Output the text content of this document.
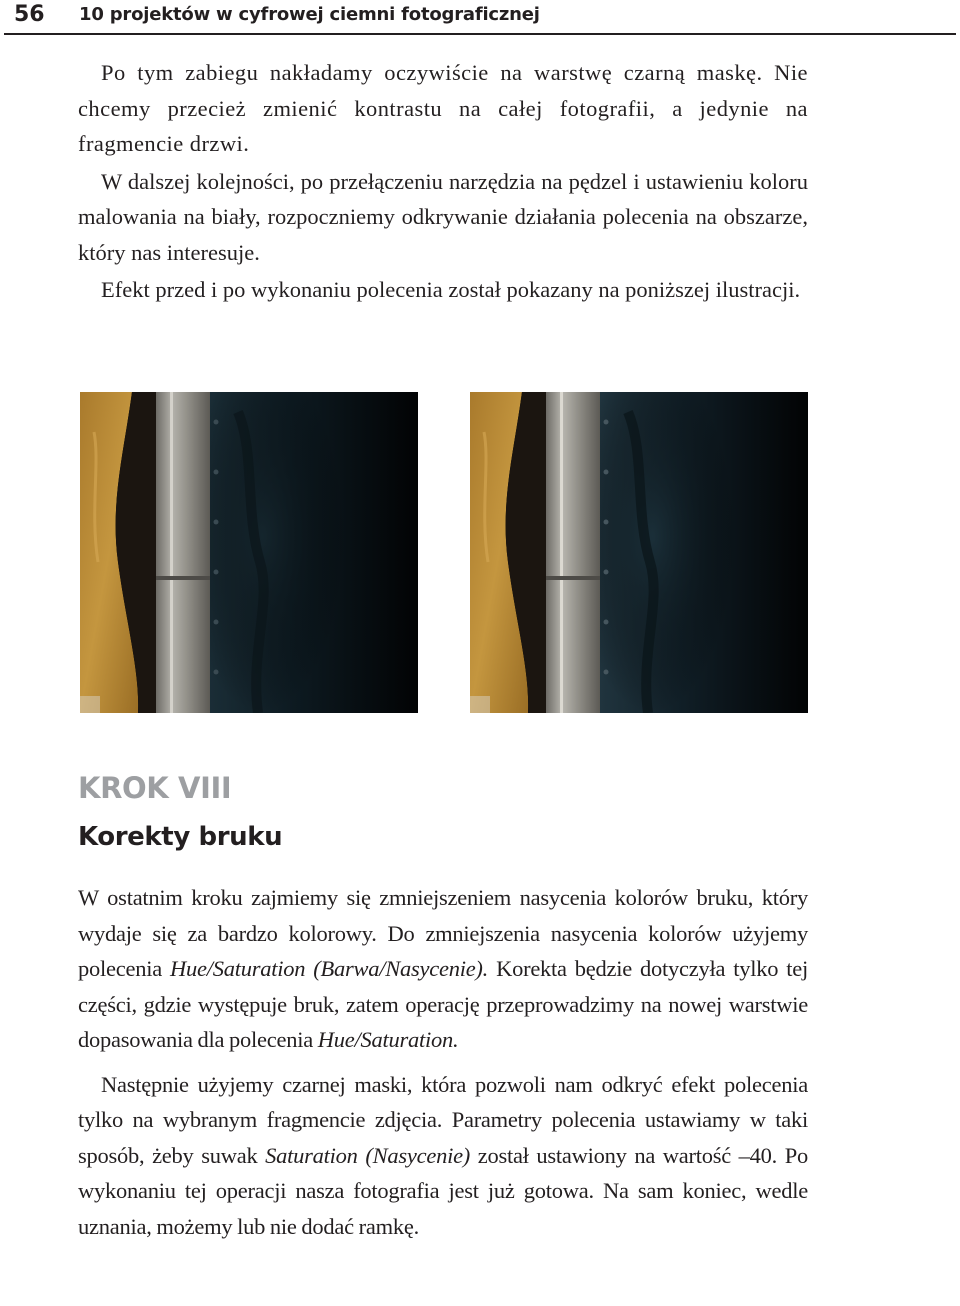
56 10 projektów w cyfrowej ciemni fotograficznej

Po tym zabiegu nakładamy oczywiście na warstwę czarną maskę. Nie chcemy przecież zmienić kontrastu na całej fotografii, a jedynie na fragmencie drzwi.

W dalszej kolejności, po przełączeniu narzędzia na pędzel i ustawieniu koloru malowania na biały, rozpoczniemy odkrywanie działania polecenia na obszarze, który nas interesuje.

Efekt przed i po wykonaniu polecenia został pokazany na poniższej ilustracji.

KROK VIII
Korekty bruku

W ostatnim kroku zajmiemy się zmniejszeniem nasycenia kolorów bruku, który wydaje się za bardzo kolorowy. Do zmniejszenia nasycenia kolorów użyjemy polecenia Hue/Saturation (Barwa/Nasycenie). Korekta będzie dotyczyła tylko tej części, gdzie występuje bruk, zatem operację przeprowadzimy na nowej warstwie dopasowania dla polecenia Hue/Saturation.

Następnie użyjemy czarnej maski, która pozwoli nam odkryć efekt polecenia tylko na wybranym fragmencie zdjęcia. Parametry polecenia ustawiamy w taki sposób, żeby suwak Saturation (Nasycenie) został ustawiony na wartość –40. Po wykonaniu tej operacji nasza fotografia jest już gotowa. Na sam koniec, wedle uznania, możemy lub nie dodać ramkę.
